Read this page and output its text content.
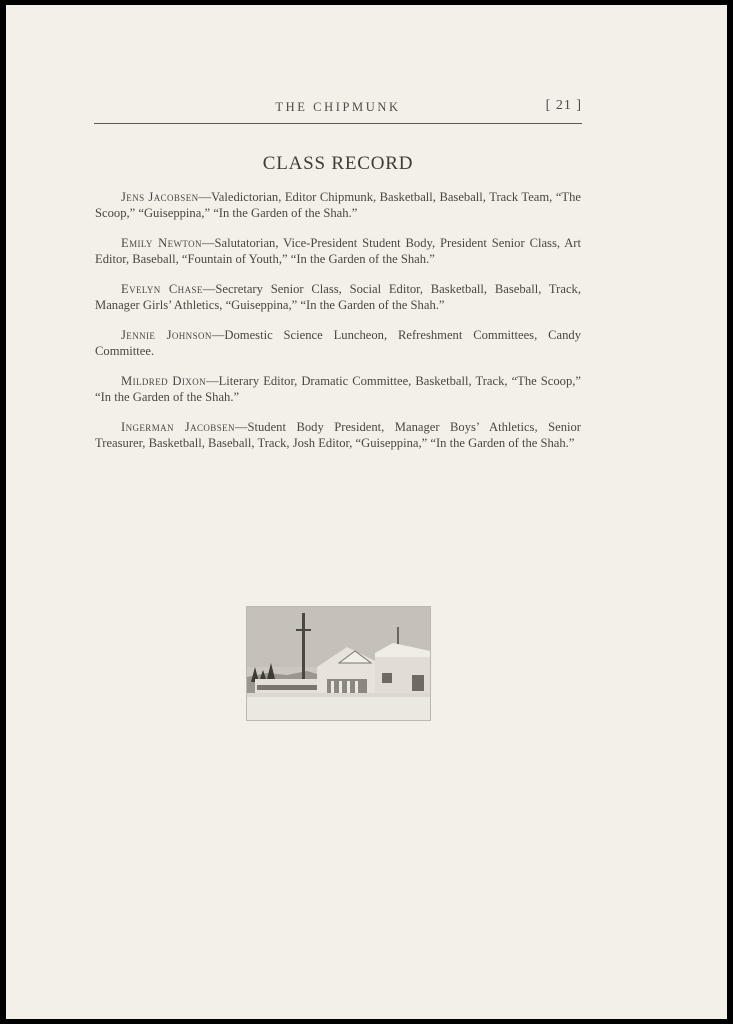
THE CHIPMUNK	[ 21 ]
CLASS RECORD

Jens Jacobsen—Valedictorian, Editor Chipmunk, Basketball, Baseball, Track Team, “The Scoop,” “Guiseppina,” “In the Garden of the Shah.”

Emily Newton—Salutatorian, Vice-President Student Body, President Senior Class, Art Editor, Baseball, “Fountain of Youth,” “In the Garden of the Shah.”

Evelyn Chase—Secretary Senior Class, Social Editor, Basketball, Baseball, Track, Manager Girls’ Athletics, “Guiseppina,” “In the Garden of the Shah.”

Jennie Johnson—Domestic Science Luncheon, Refreshment Committees, Candy Committee.

Mildred Dixon—Literary Editor, Dramatic Committee, Basketball, Track, “The Scoop,” “In the Garden of the Shah.”

Ingerman Jacobsen—Student Body President, Manager Boys’ Athletics, Senior Treasurer, Basketball, Baseball, Track, Josh Editor, “Guiseppina,” “In the Garden of the Shah.”
